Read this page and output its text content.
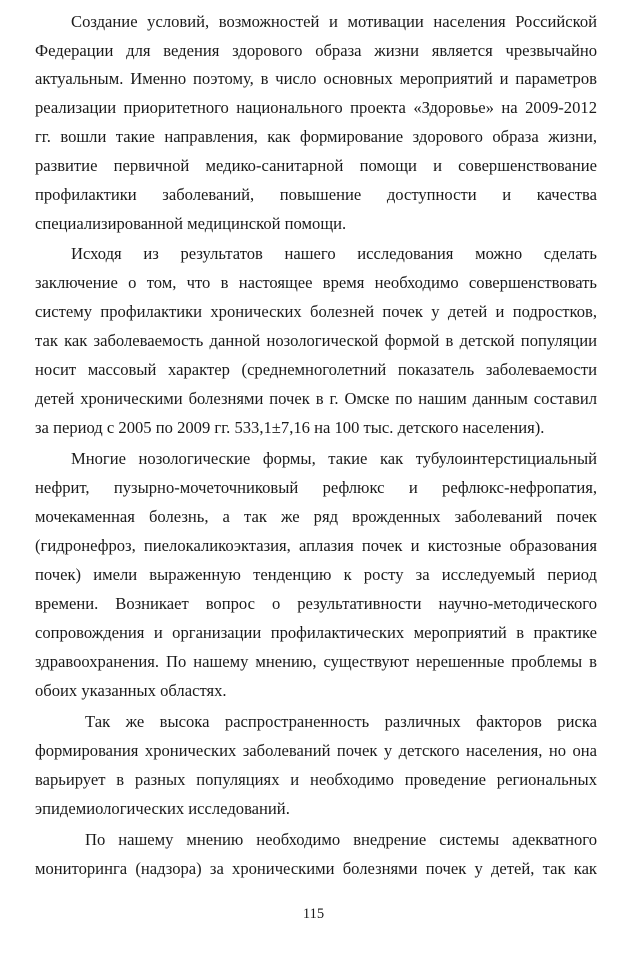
Создание условий, возможностей и мотивации населения Российской
Федерации для ведения здорового образа жизни является чрезвычайно
актуальным. Именно поэтому, в число основных мероприятий и параметров
реализации приоритетного национального проекта «Здоровье» на 2009-2012
гг. вошли такие направления, как формирование здорового образа жизни,
развитие первичной медико-санитарной помощи и совершенствование
профилактики заболеваний, повышение доступности и качества
специализированной медицинской помощи.
Исходя из результатов нашего исследования можно сделать
заключение о том, что в настоящее время необходимо совершенствовать
систему профилактики хронических болезней почек у детей и подростков,
так как заболеваемость данной нозологической формой в детской популяции
носит массовый характер (среднемноголетний показатель заболеваемости
детей хроническими болезнями почек в г. Омске по нашим данным составил
за период с 2005 по 2009 гг. 533,1±7,16 на 100 тыс. детского населения).
Многие нозологические формы, такие как тубулоинтерстициальный
нефрит, пузырно-мочеточниковый рефлюкс и рефлюкс-нефропатия,
мочекаменная болезнь, а так же ряд врожденных заболеваний почек
(гидронефроз, пиелокаликоэктазия, аплазия почек и кистозные образования
почек) имели выраженную тенденцию к росту за исследуемый период
времени. Возникает вопрос о результативности научно-методического
сопровождения и организации профилактических мероприятий в практике
здравоохранения. По нашему мнению, существуют нерешенные проблемы в
обоих указанных областях.
Так же высока распространенность различных факторов риска
формирования хронических заболеваний почек у детского населения, но она
варьирует в разных популяциях и необходимо проведение региональных
эпидемиологических исследований.
По нашему мнению необходимо внедрение системы адекватного
мониторинга (надзора) за хроническими болезнями почек у детей, так как
115
